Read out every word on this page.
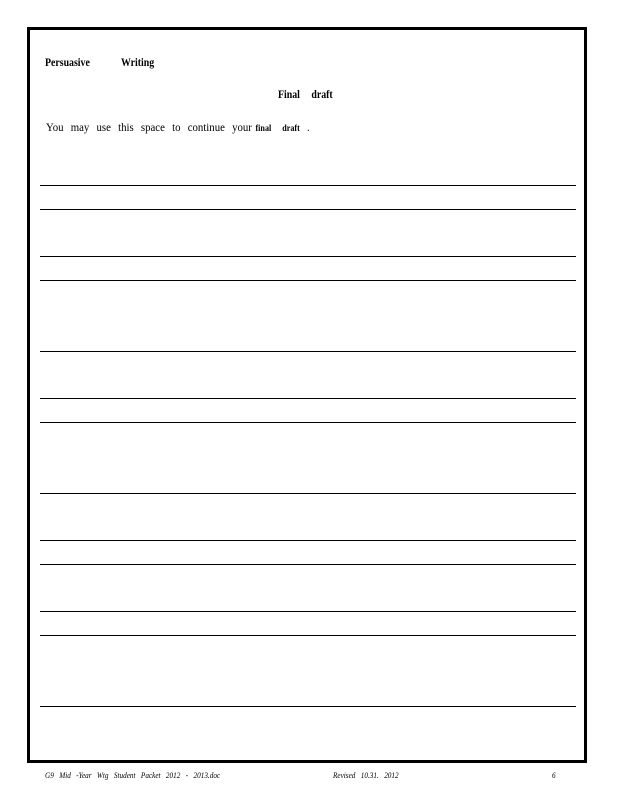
Persuasive	Writing
Final draft
You may use this space to continue your final draft .
G9 Mid -Year Wtg Student Packet 2012 - 2013.doc	Revised 10.31. 2012	6
